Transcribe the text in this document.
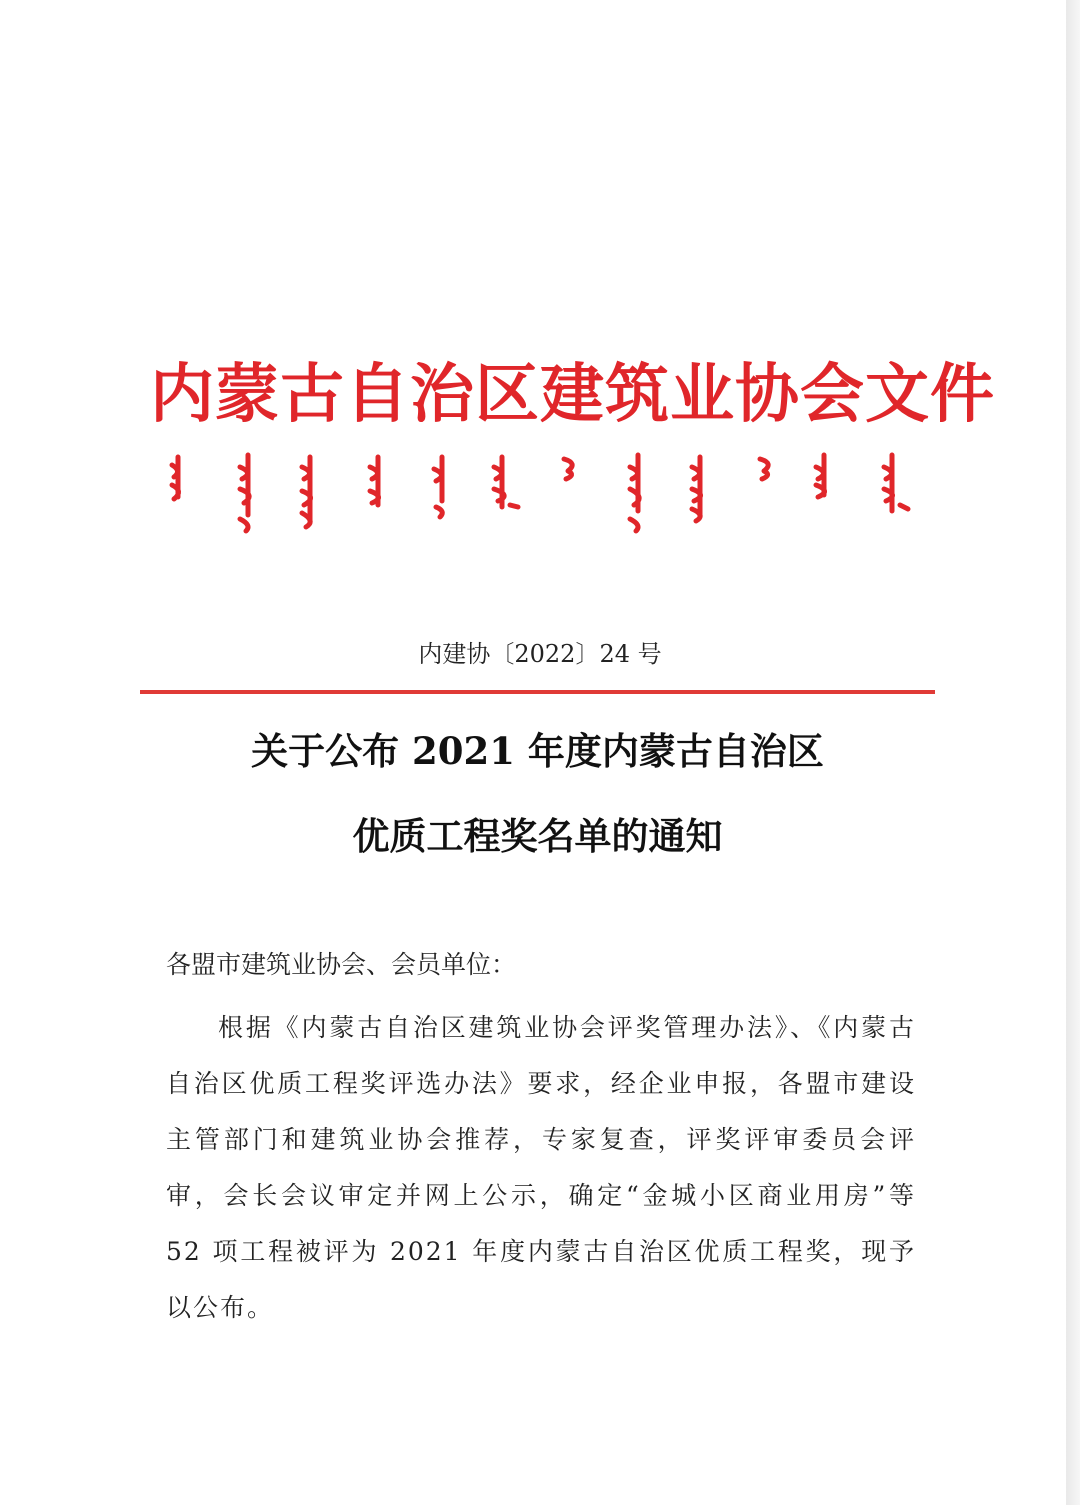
内蒙古自治区建筑业协会文件
内建协〔2022〕24 号
关于公布 2021 年度内蒙古自治区
优质工程奖名单的通知
各盟市建筑业协会、会员单位：

根据《内蒙古自治区建筑业协会评奖管理办法》、《内蒙古自治区优质工程奖评选办法》要求，经企业申报，各盟市建设主管部门和建筑业协会推荐，专家复查，评奖评审委员会评审，会长会议审定并网上公示，确定“金城小区商业用房”等 52 项工程被评为 2021 年度内蒙古自治区优质工程奖，现予以公布。
